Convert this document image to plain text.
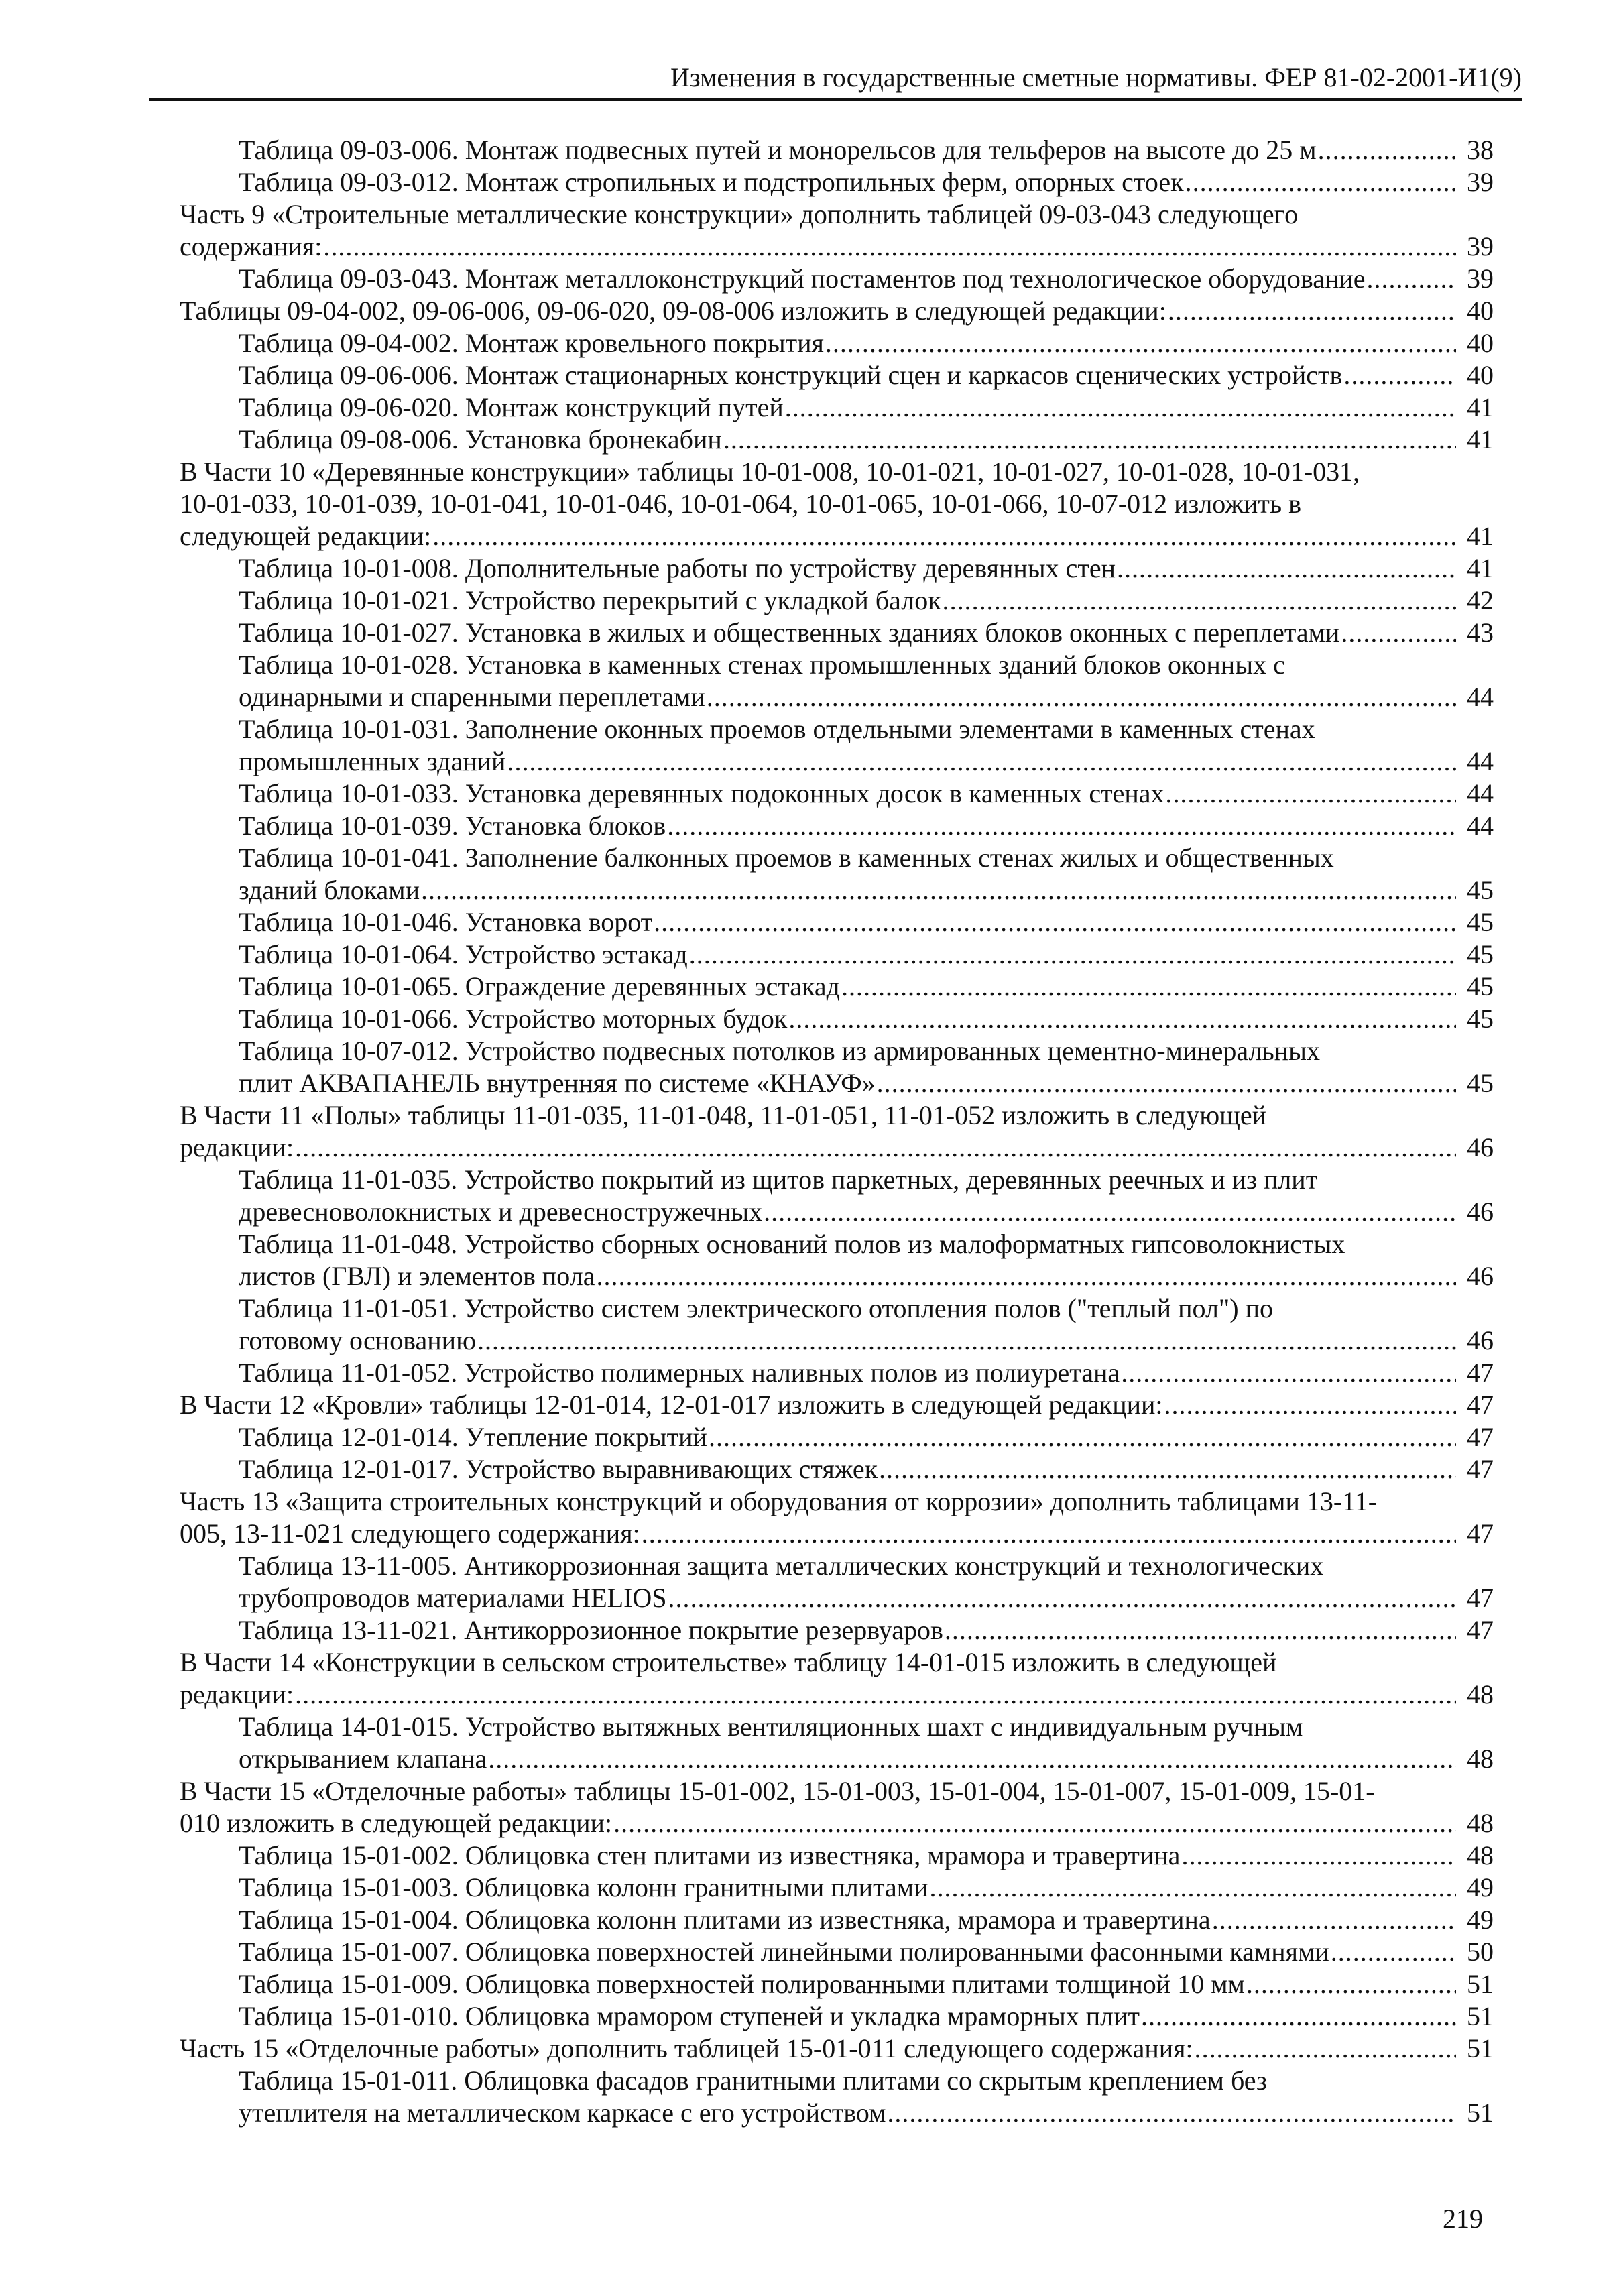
Изменения в государственные сметные нормативы. ФЕР 81-02-2001-И1(9)
Таблица 09-03-006. Монтаж подвесных путей и монорельсов для тельферов на высоте до 25 м .....	38
Таблица 09-03-012. Монтаж стропильных и подстропильных ферм, опорных стоек .....	39
Часть 9 «Строительные металлические конструкции» дополнить таблицей 09-03-043 следующего
содержания: .....	39
Таблица 09-03-043. Монтаж металлоконструкций постаментов под технологическое оборудование .....	39
Таблицы 09-04-002, 09-06-006, 09-06-020, 09-08-006 изложить в следующей редакции: .....	40
Таблица 09-04-002. Монтаж кровельного покрытия .....	40
Таблица 09-06-006. Монтаж стационарных конструкций сцен и каркасов сценических устройств .....	40
Таблица 09-06-020. Монтаж конструкций путей .....	41
Таблица 09-08-006. Установка бронекабин .....	41
В Части 10 «Деревянные конструкции» таблицы 10-01-008, 10-01-021, 10-01-027, 10-01-028, 10-01-031,
10-01-033, 10-01-039, 10-01-041, 10-01-046, 10-01-064, 10-01-065, 10-01-066, 10-07-012 изложить в
следующей редакции: .....	41
Таблица 10-01-008. Дополнительные работы по устройству деревянных стен .....	41
Таблица 10-01-021. Устройство перекрытий с укладкой балок .....	42
Таблица 10-01-027. Установка в жилых и общественных зданиях блоков оконных с переплетами .....	43
Таблица 10-01-028. Установка в каменных стенах промышленных зданий блоков оконных с
одинарными и спаренными переплетами .....	44
Таблица 10-01-031. Заполнение оконных проемов отдельными элементами в каменных стенах
промышленных зданий .....	44
Таблица 10-01-033. Установка деревянных подоконных досок в каменных стенах .....	44
Таблица 10-01-039. Установка блоков .....	44
Таблица 10-01-041. Заполнение балконных проемов в каменных стенах жилых и общественных
зданий блоками .....	45
Таблица 10-01-046. Установка ворот .....	45
Таблица 10-01-064. Устройство эстакад .....	45
Таблица 10-01-065. Ограждение деревянных эстакад .....	45
Таблица 10-01-066. Устройство моторных будок .....	45
Таблица 10-07-012. Устройство подвесных потолков из армированных цементно-минеральных
плит АКВАПАНЕЛЬ внутренняя по системе «КНАУФ» .....	45
В Части 11 «Полы» таблицы 11-01-035, 11-01-048, 11-01-051, 11-01-052 изложить в следующей
редакции: .....	46
Таблица 11-01-035. Устройство покрытий из щитов паркетных, деревянных реечных и из плит
древесноволокнистых и древесностружечных .....	46
Таблица 11-01-048. Устройство сборных оснований полов из малоформатных гипсоволокнистых
листов (ГВЛ) и элементов пола .....	46
Таблица 11-01-051. Устройство систем электрического отопления полов ("теплый пол") по
готовому основанию .....	46
Таблица 11-01-052. Устройство полимерных наливных полов из полиуретана .....	47
В Части 12 «Кровли» таблицы 12-01-014, 12-01-017 изложить в следующей редакции: .....	47
Таблица 12-01-014. Утепление покрытий .....	47
Таблица 12-01-017. Устройство выравнивающих стяжек .....	47
Часть 13 «Защита строительных конструкций и оборудования от коррозии» дополнить таблицами 13-11-
005, 13-11-021 следующего содержания: .....	47
Таблица 13-11-005. Антикоррозионная защита металлических конструкций и технологических
трубопроводов материалами HELIOS .....	47
Таблица 13-11-021. Антикоррозионное покрытие резервуаров .....	47
В Части 14 «Конструкции в сельском строительстве» таблицу 14-01-015 изложить в следующей
редакции: .....	48
Таблица 14-01-015. Устройство вытяжных вентиляционных шахт с индивидуальным ручным
открыванием клапана .....	48
В Части 15 «Отделочные работы» таблицы 15-01-002, 15-01-003, 15-01-004, 15-01-007, 15-01-009, 15-01-
010 изложить в следующей редакции: .....	48
Таблица 15-01-002. Облицовка стен плитами из известняка, мрамора и травертина .....	48
Таблица 15-01-003. Облицовка колонн гранитными плитами .....	49
Таблица 15-01-004. Облицовка колонн плитами из известняка, мрамора и травертина .....	49
Таблица 15-01-007. Облицовка поверхностей линейными полированными фасонными камнями .....	50
Таблица 15-01-009. Облицовка поверхностей полированными плитами толщиной 10 мм .....	51
Таблица 15-01-010. Облицовка мрамором ступеней и укладка мраморных плит .....	51
Часть 15 «Отделочные работы» дополнить таблицей 15-01-011 следующего содержания: .....	51
Таблица 15-01-011. Облицовка фасадов гранитными плитами со скрытым креплением без
утеплителя на металлическом каркасе с его устройством .....	51
219
